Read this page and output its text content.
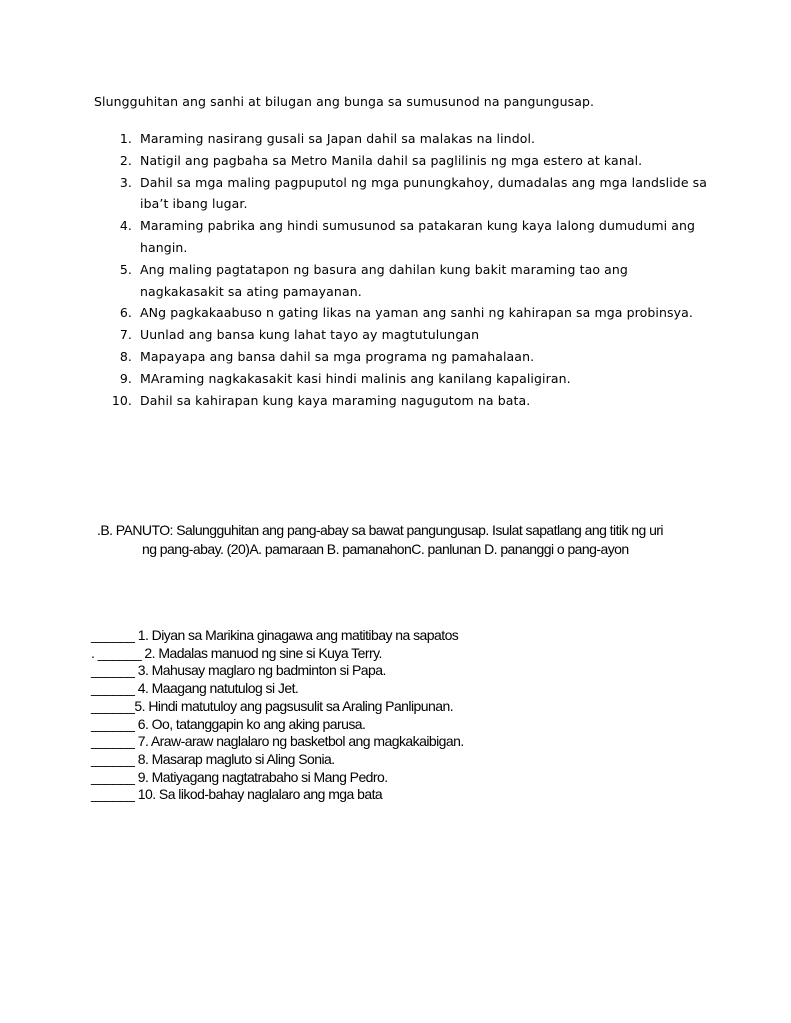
Slungguhitan ang sanhi at bilugan ang bunga sa sumusunod na pangungusap.
1 . Maraming nasirang gusali sa Japan dahil sa malakas na lindol.
2 . Natigil ang pagbaha sa Metro Manila dahil sa paglilinis ng mga estero at kanal.
3 . Dahil sa mga maling pagpuputol ng mga punungkahoy, dumadalas ang mga landslide sa
iba’t ibang lugar.
4 . Maraming pabrika ang hindi sumusunod sa patakaran kung kaya lalong dumudumi ang
hangin.
5 . Ang maling pagtatapon ng basura ang dahilan kung bakit maraming tao ang
nagkakasakit sa ating pamayanan.
6 . ANg pagkakaabuso n gating likas na yaman ang sanhi ng kahirapan sa mga probinsya.
7 . Uunlad ang bansa kung lahat tayo ay magtutulungan
8 . Mapayapa ang bansa dahil sa mga programa ng pamahalaan.
9 . MAraming nagkakasakit kasi hindi malinis ang kanilang kapaligiran.
10 . Dahil sa kahirapan kung kaya maraming nagugutom na bata.
.B. PANUTO: Salungguhitan ang pang-abay sa bawat pangungusap. Isulat sapatlang ang titik ng uri
ng pang-abay. (20)A. pamaraan B. pamanahonC. panlunan D. pananggi o pang-ayon
______ 1. Diyan sa Marikina ginagawa ang matitibay na sapatos
. ______ 2. Madalas manuod ng sine si Kuya Terry.
______ 3. Mahusay maglaro ng badminton si Papa.
______ 4. Maagang natutulog si Jet.
______5. Hindi matutuloy ang pagsusulit sa Araling Panlipunan.
______ 6. Oo, tatanggapin ko ang aking parusa.
______ 7. Araw-araw naglalaro ng basketbol ang magkakaibigan.
______ 8. Masarap magluto si Aling Sonia.
______ 9. Matiyagang nagtatrabaho si Mang Pedro.
______ 10. Sa likod-bahay naglalaro ang mga bata
